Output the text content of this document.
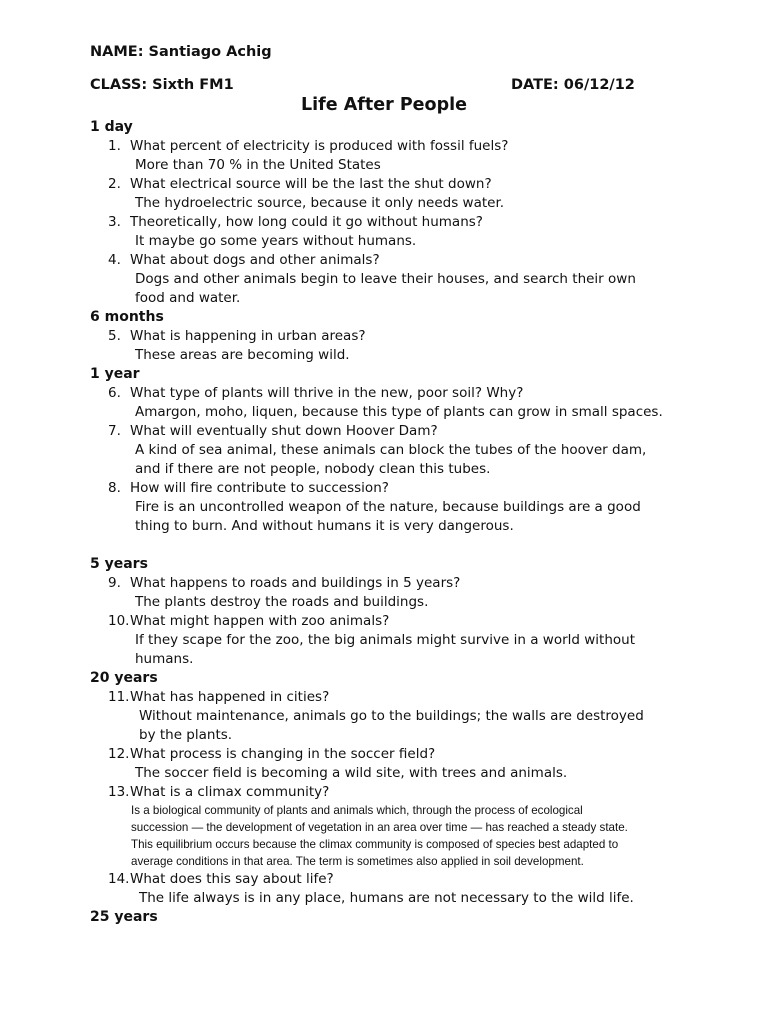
NAME: Santiago Achig
CLASS: Sixth FM1	DATE: 06/12/12
Life After People
1 day
1. What percent of electricity is produced with fossil fuels?
More than 70 % in the United States
2. What electrical source will be the last the shut down?
The hydroelectric source, because it only needs water.
3. Theoretically, how long could it go without humans?
It maybe go some years without humans.
4. What about dogs and other animals?
Dogs and other animals begin to leave their houses, and search their own
food and water.
6 months
5. What is happening in urban areas?
These areas are becoming wild.
1 year
6. What type of plants will thrive in the new, poor soil? Why?
Amargon, moho, liquen, because this type of plants can grow in small spaces.
7. What will eventually shut down Hoover Dam?
A kind of sea animal, these animals can block the tubes of the hoover dam,
and if there are not people, nobody clean this tubes.
8. How will fire contribute to succession?
Fire is an uncontrolled weapon of the nature, because buildings are a good
thing to burn. And without humans it is very dangerous.
5 years
9. What happens to roads and buildings in 5 years?
The plants destroy the roads and buildings.
10. What might happen with zoo animals?
If they scape for the zoo, the big animals might survive in a world without
humans.
20 years
11. What has happened in cities?
Without maintenance, animals go to the buildings; the walls are destroyed
by the plants.
12. What process is changing in the soccer field?
The soccer field is becoming a wild site, with trees and animals.
13. What is a climax community?
Is a biological community of plants and animals which, through the process of ecological
succession — the development of vegetation in an area over time — has reached a steady state.
This equilibrium occurs because the climax community is composed of species best adapted to
average conditions in that area. The term is sometimes also applied in soil development.
14. What does this say about life?
The life always is in any place, humans are not necessary to the wild life.
25 years
